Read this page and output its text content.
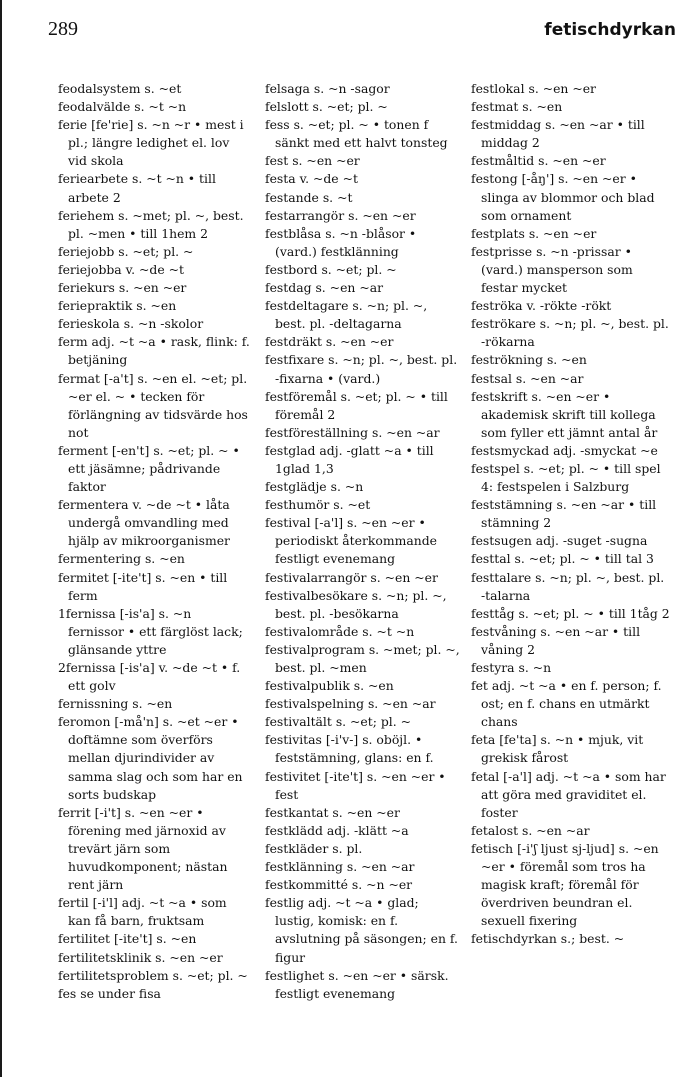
289	fetischdyrkan

feodalsystem s. ~et

feodalvälde s. ~t ~n

ferie [fe'rie] s. ~n ~r • mest i pl.; längre ledighet el. lov vid skola

feriearbete s. ~t ~n • till arbete 2

feriehem s. ~met; pl. ~, best. pl. ~men • till 1hem 2

feriejobb s. ~et; pl. ~

feriejobba v. ~de ~t

feriekurs s. ~en ~er

feriepraktik s. ~en

ferieskola s. ~n -skolor

ferm adj. ~t ~a • rask, flink: f. betjäning

fermat [-a't] s. ~en el. ~et; pl. ~er el. ~ • tecken för förlängning av tidsvärde hos not

ferment [-en't] s. ~et; pl. ~ • ett jäsämne; pådrivande faktor

fermentera v. ~de ~t • låta undergå omvandling med hjälp av mikroorganismer

fermentering s. ~en

fermitet [-ite't] s. ~en • till ferm

1fernissa [-is'a] s. ~n fernissor • ett färglöst lack; glänsande yttre

2fernissa [-is'a] v. ~de ~t • f. ett golv

fernissning s. ~en

feromon [-må'n] s. ~et ~er • doftämne som överförs mellan djurindivider av samma slag och som har en sorts budskap

ferrit [-i't] s. ~en ~er • förening med järnoxid av trevärt järn som huvudkomponent; nästan rent järn

fertil [-i'l] adj. ~t ~a • som kan få barn, fruktsam

fertilitet [-ite't] s. ~en

fertilitetsklinik s. ~en ~er

fertilitetsproblem s. ~et; pl. ~

fes se under fisa

felsaga s. ~n -sagor

felslott s. ~et; pl. ~

fess s. ~et; pl. ~ • tonen f sänkt med ett halvt tonsteg

fest s. ~en ~er

festa v. ~de ~t

festande s. ~t

festarrangör s. ~en ~er

festblåsa s. ~n -blåsor • (vard.) festklänning

festbord s. ~et; pl. ~

festdag s. ~en ~ar

festdeltagare s. ~n; pl. ~, best. pl. -deltagarna

festdräkt s. ~en ~er

festfixare s. ~n; pl. ~, best. pl. -fixarna • (vard.)

festföremål s. ~et; pl. ~ • till föremål 2

festföreställning s. ~en ~ar

festglad adj. -glatt ~a • till 1glad 1,3

festglädje s. ~n

festhumör s. ~et

festival [-a'l] s. ~en ~er • periodiskt återkommande festligt evenemang

festivalarrangör s. ~en ~er

festivalbesökare s. ~n; pl. ~, best. pl. -besökarna

festivalområde s. ~t ~n

festivalprogram s. ~met; pl. ~, best. pl. ~men

festivalpublik s. ~en

festivalspelning s. ~en ~ar

festivaltält s. ~et; pl. ~

festivitas [-i'v-] s. oböjl. • feststämning, glans: en f.

festivitet [-ite't] s. ~en ~er • fest

festkantat s. ~en ~er

festklädd adj. -klätt ~a

festkläder s. pl.

festklänning s. ~en ~ar

festkommitté s. ~n ~er

festlig adj. ~t ~a • glad; lustig, komisk: en f. avslutning på säsongen; en f. figur

festlighet s. ~en ~er • särsk. festligt evenemang

festlokal s. ~en ~er

festmat s. ~en

festmiddag s. ~en ~ar • till middag 2

festmåltid s. ~en ~er

festong [-åŋ'] s. ~en ~er • slinga av blommor och blad som ornament

festplats s. ~en ~er

festprisse s. ~n -prissar • (vard.) mansperson som festar mycket

feströka v. -rökte -rökt

feströkare s. ~n; pl. ~, best. pl. -rökarna

feströkning s. ~en

festsal s. ~en ~ar

festskrift s. ~en ~er • akademisk skrift till kollega som fyller ett jämnt antal år

festsmyckad adj. -smyckat ~e

festspel s. ~et; pl. ~ • till spel 4: festspelen i Salzburg

feststämning s. ~en ~ar • till stämning 2

festsugen adj. -suget -sugna

festtal s. ~et; pl. ~ • till tal 3

festtalare s. ~n; pl. ~, best. pl. -talarna

festtåg s. ~et; pl. ~ • till 1tåg 2

festvåning s. ~en ~ar • till våning 2

festyra s. ~n

fet adj. ~t ~a • en f. person; f. ost; en f. chans en utmärkt chans

feta [fe'ta] s. ~n • mjuk, vit grekisk fårost

fetal [-a'l] adj. ~t ~a • som har att göra med graviditet el. foster

fetalost s. ~en ~ar

fetisch [-i'ʃ ljust sj-ljud] s. ~en ~er • föremål som tros ha magisk kraft; föremål för överdriven beundran el. sexuell fixering

fetischdyrkan s.; best. ~
